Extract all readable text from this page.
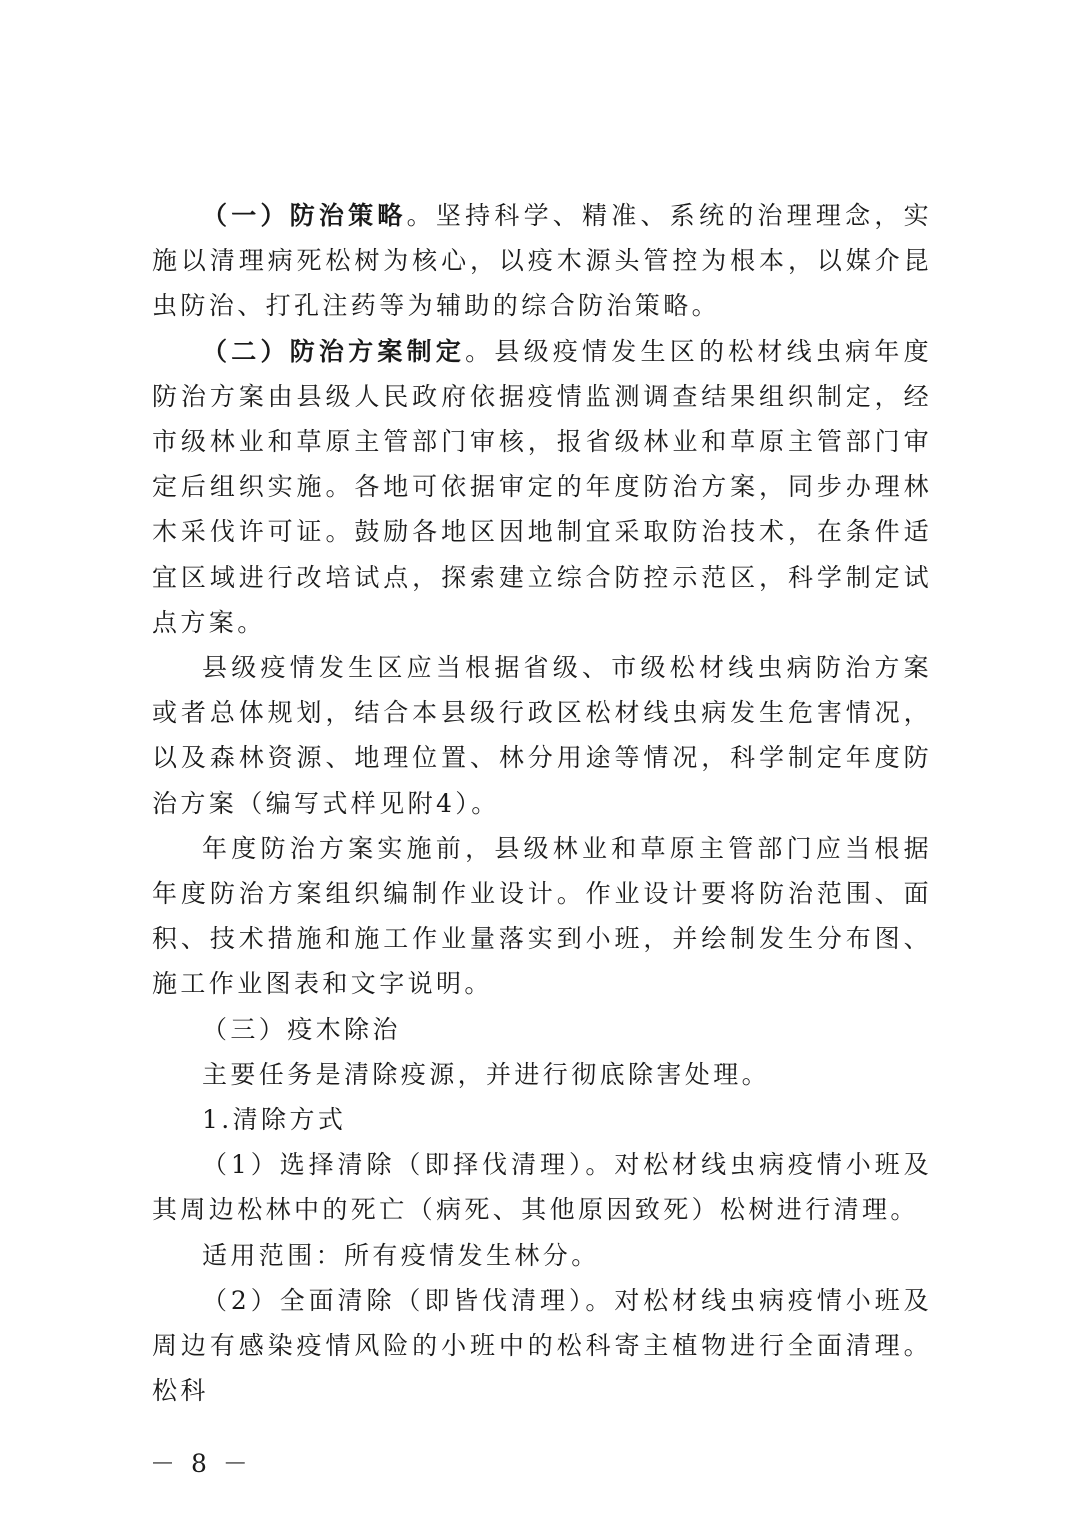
（一）防治策略。坚持科学、精准、系统的治理理念，实施以清理病死松树为核心，以疫木源头管控为根本，以媒介昆虫防治、打孔注药等为辅助的综合防治策略。

（二）防治方案制定。县级疫情发生区的松材线虫病年度防治方案由县级人民政府依据疫情监测调查结果组织制定，经市级林业和草原主管部门审核，报省级林业和草原主管部门审定后组织实施。各地可依据审定的年度防治方案，同步办理林木采伐许可证。鼓励各地区因地制宜采取防治技术，在条件适宜区域进行改培试点，探索建立综合防控示范区，科学制定试点方案。

县级疫情发生区应当根据省级、市级松材线虫病防治方案或者总体规划，结合本县级行政区松材线虫病发生危害情况，以及森林资源、地理位置、林分用途等情况，科学制定年度防治方案（编写式样见附4）。

年度防治方案实施前，县级林业和草原主管部门应当根据年度防治方案组织编制作业设计。作业设计要将防治范围、面积、技术措施和施工作业量落实到小班，并绘制发生分布图、施工作业图表和文字说明。

（三）疫木除治

主要任务是清除疫源，并进行彻底除害处理。

1.清除方式

（1）选择清除（即择伐清理）。对松材线虫病疫情小班及其周边松林中的死亡（病死、其他原因致死）松树进行清理。

适用范围：所有疫情发生林分。

（2）全面清除（即皆伐清理）。对松材线虫病疫情小班及周边有感染疫情风险的小班中的松科寄主植物进行全面清理。松科

－ 8 －
